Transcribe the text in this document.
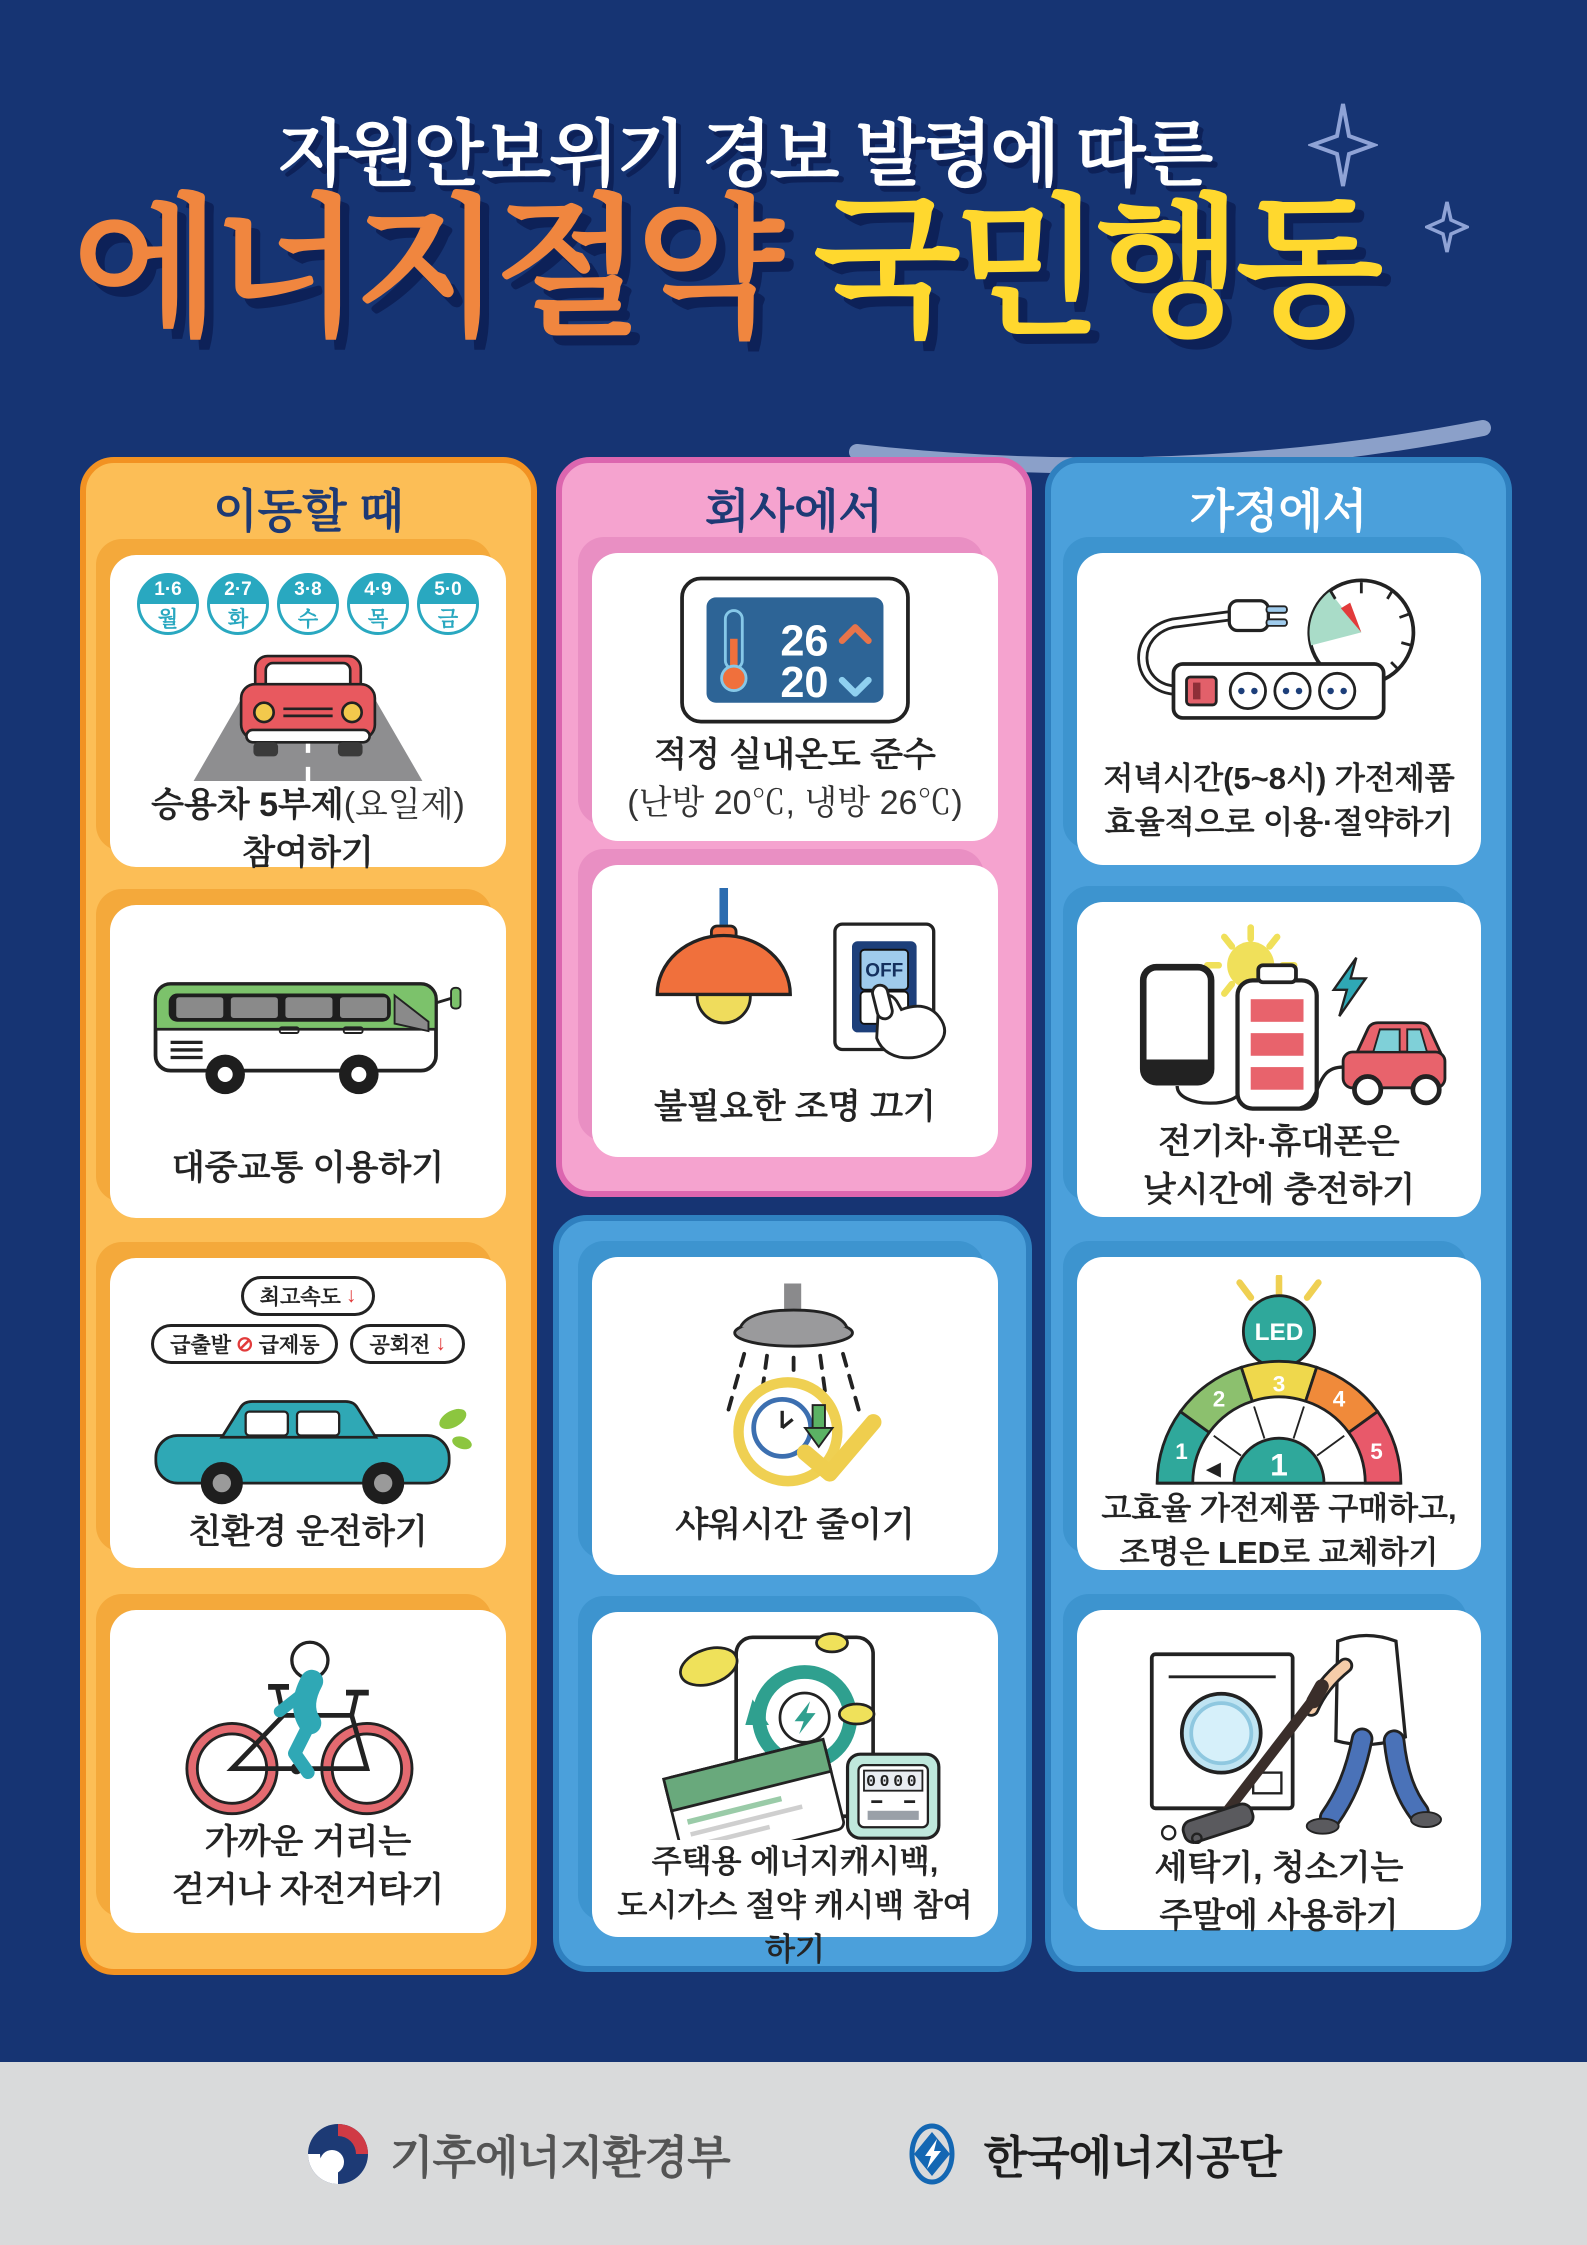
자원안보위기 경보 발령에 따른
에너지절약 국민행동
이동할 때
1·6
월
2·7
화
3·8
수
4·9
목
5·0
금
승용차 5부제(요일제)
참여하기
대중교통 이용하기
최고속도 ↓
급출발 ⊘ 급제동 공회전 ↓
친환경 운전하기
가까운 거리는
걷거나 자전거타기
회사에서
26
20
적정 실내온도 준수
(난방 20℃, 냉방 26℃)
OFF
불필요한 조명 끄기
샤워시간 줄이기
0000
주택용 에너지캐시백,
도시가스 절약 캐시백 참여하기
가정에서
저녁시간(5~8시) 가전제품
효율적으로 이용·절약하기
전기차·휴대폰은
낮시간에 충전하기
LED
1
2
3
4
5
1
고효율 가전제품 구매하고,
조명은 LED로 교체하기
세탁기, 청소기는
주말에 사용하기
기후에너지환경부	한국에너지공단
